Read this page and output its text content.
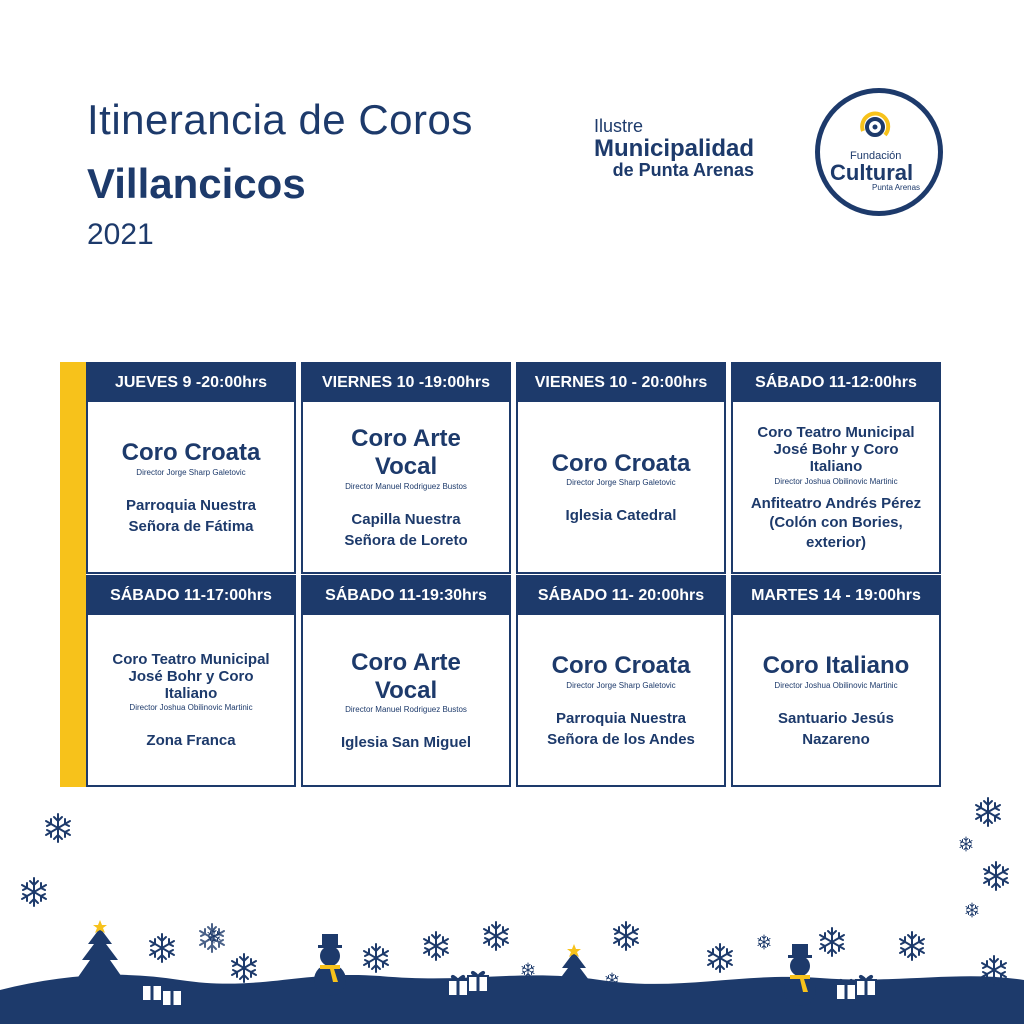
Itinerancia de Coros
Villancicos
2021
Ilustre
Municipalidad
de Punta Arenas
Fundación
Cultural
Punta Arenas
JUEVES 9 -20:00hrs
Coro Croata
Director Jorge Sharp Galetovic
Parroquia Nuestra Señora de Fátima
VIERNES 10 -19:00hrs
Coro Arte Vocal
Director Manuel Rodriguez Bustos
Capilla Nuestra Señora de Loreto
VIERNES 10 - 20:00hrs
Coro Croata
Director Jorge Sharp Galetovic
Iglesia Catedral
SÁBADO 11-12:00hrs
Coro Teatro Municipal José Bohr y Coro Italiano
Director Joshua Obilinovic Martinic
Anfiteatro Andrés Pérez (Colón con Bories, exterior)
SÁBADO 11-17:00hrs
Coro Teatro Municipal José Bohr y Coro Italiano
Director Joshua Obilinovic Martinic
Zona Franca
SÁBADO 11-19:30hrs
Coro Arte Vocal
Director Manuel Rodriguez Bustos
Iglesia San Miguel
SÁBADO 11- 20:00hrs
Coro Croata
Director Jorge Sharp Galetovic
Parroquia Nuestra Señora de los Andes
MARTES 14 - 19:00hrs
Coro Italiano
Director Joshua Obilinovic Martinic
Santuario Jesús Nazareno
